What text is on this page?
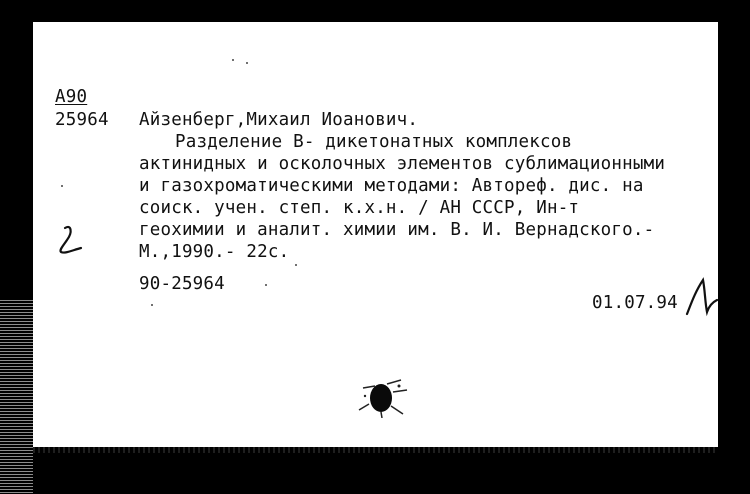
А90
25964 Айзенберг,Михаил Иоанович.
Разделение В- дикетонатных комплексов
актинидных и осколочных элементов сублимационными
и газохроматическими методами: Автореф. дис. на
соиск. учен. степ. к.х.н. / АН СССР, Ин-т
геохимии и аналит. химии им. В. И. Вернадского.-
М.,1990.- 22с.
90-25964
01.07.94
